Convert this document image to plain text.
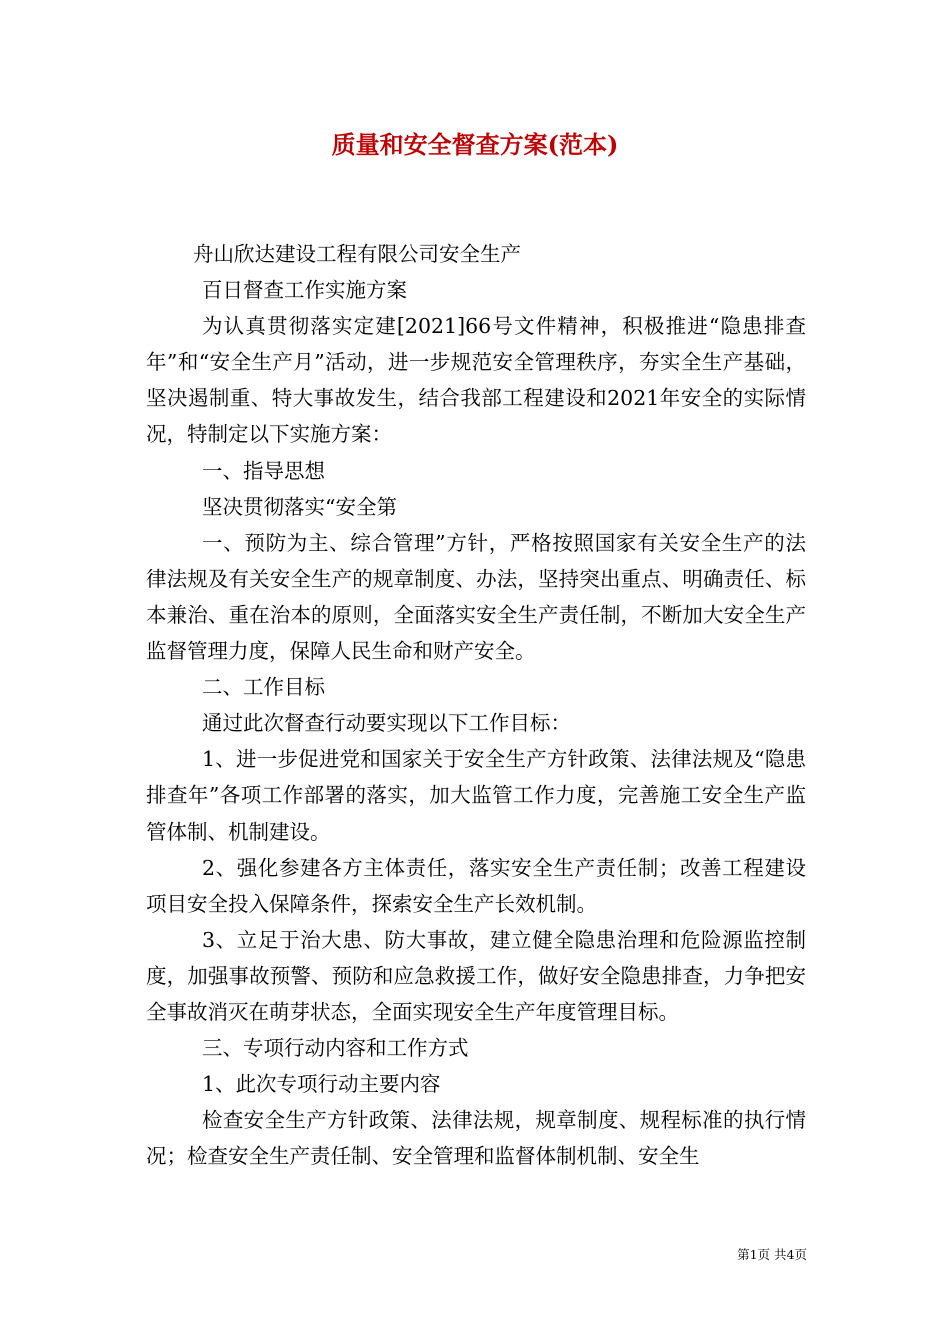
质量和安全督查方案(范本)

舟山欣达建设工程有限公司安全生产

百日督查工作实施方案

为认真贯彻落实定建[2021]66号文件精神，积极推进“隐患排查年”和“安全生产月”活动，进一步规范安全管理秩序，夯实全生产基础，坚决遏制重、特大事故发生，结合我部工程建设和2021年安全的实际情况，特制定以下实施方案：

一、指导思想

坚决贯彻落实“安全第

一、预防为主、综合管理”方针，严格按照国家有关安全生产的法律法规及有关安全生产的规章制度、办法，坚持突出重点、明确责任、标本兼治、重在治本的原则，全面落实安全生产责任制，不断加大安全生产监督管理力度，保障人民生命和财产安全。

二、工作目标

通过此次督查行动要实现以下工作目标：

1、进一步促进党和国家关于安全生产方针政策、法律法规及“隐患排查年”各项工作部署的落实，加大监管工作力度，完善施工安全生产监管体制、机制建设。

2、强化参建各方主体责任，落实安全生产责任制；改善工程建设项目安全投入保障条件，探索安全生产长效机制。

3、立足于治大患、防大事故，建立健全隐患治理和危险源监控制度，加强事故预警、预防和应急救援工作，做好安全隐患排查，力争把安全事故消灭在萌芽状态，全面实现安全生产年度管理目标。

三、专项行动内容和工作方式

1、此次专项行动主要内容

检查安全生产方针政策、法律法规，规章制度、规程标准的执行情况；检查安全生产责任制、安全管理和监督体制机制、安全生

第1页 共4页
